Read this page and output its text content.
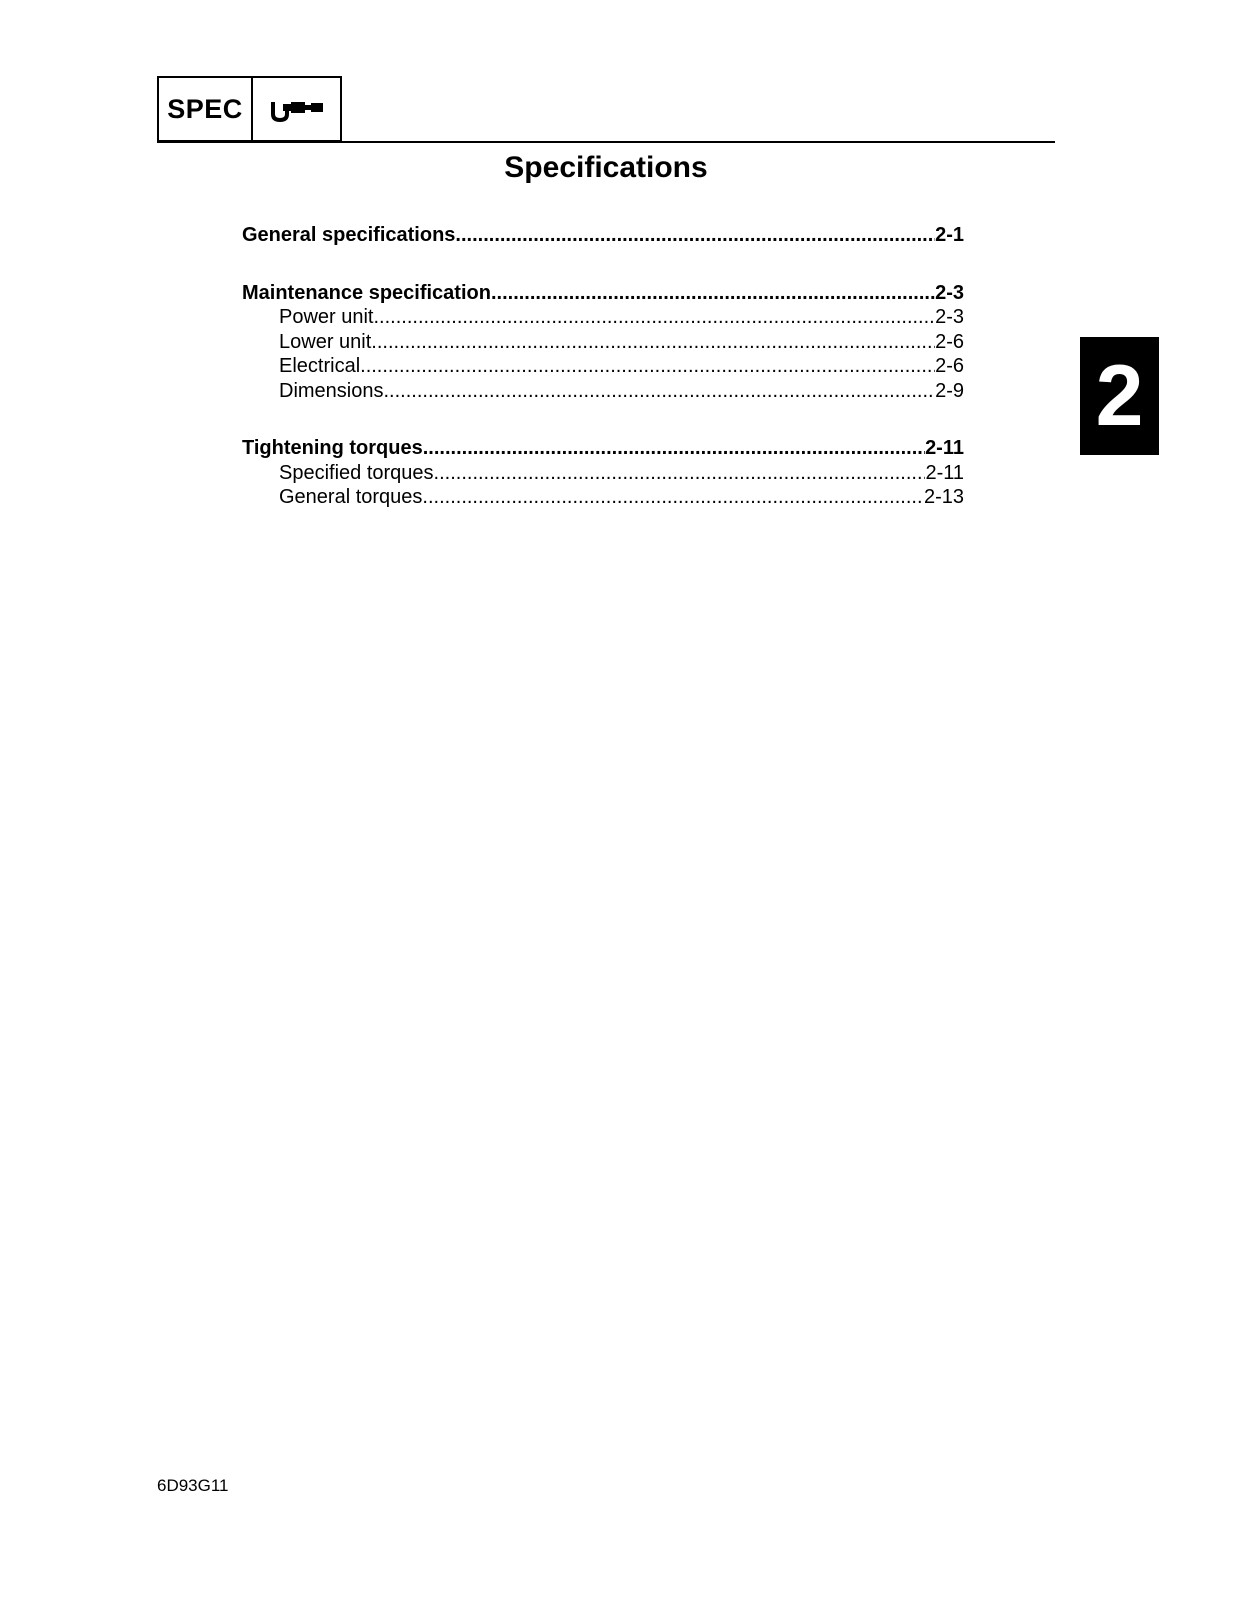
SPEC
Specifications
General specifications .....	2-1
Maintenance specification .....	2-3
Power unit .....	2-3
Lower unit .....	2-6
Electrical .....	2-6
Dimensions .....	2-9
Tightening torques .....	2-11
Specified torques .....	2-11
General torques .....	2-13
2
6D93G11
